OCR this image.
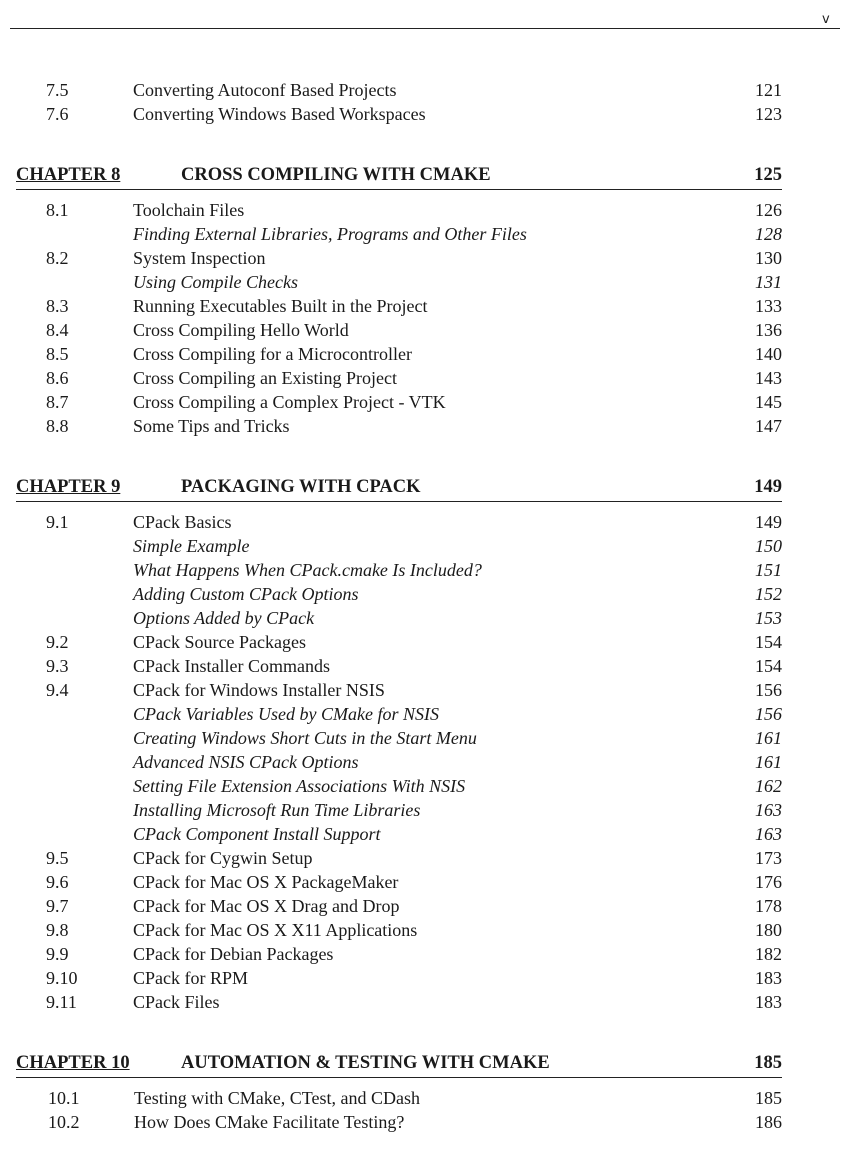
v
7.5	Converting Autoconf Based Projects	121
7.6	Converting Windows Based Workspaces	123
CHAPTER 8	CROSS COMPILING WITH CMAKE	125
8.1	Toolchain Files	126
Finding External Libraries, Programs and Other Files	128
8.2	System Inspection	130
Using Compile Checks	131
8.3	Running Executables Built in the Project	133
8.4	Cross Compiling Hello World	136
8.5	Cross Compiling for a Microcontroller	140
8.6	Cross Compiling an Existing Project	143
8.7	Cross Compiling a Complex Project - VTK	145
8.8	Some Tips and Tricks	147
CHAPTER 9	PACKAGING WITH CPACK	149
9.1	CPack Basics	149
Simple Example	150
What Happens When CPack.cmake Is Included?	151
Adding Custom CPack Options	152
Options Added by CPack	153
9.2	CPack Source Packages	154
9.3	CPack Installer Commands	154
9.4	CPack for Windows Installer NSIS	156
CPack Variables Used by CMake for NSIS	156
Creating Windows Short Cuts in the Start Menu	161
Advanced NSIS CPack Options	161
Setting File Extension Associations With NSIS	162
Installing Microsoft Run Time Libraries	163
CPack Component Install Support	163
9.5	CPack for Cygwin Setup	173
9.6	CPack for Mac OS X PackageMaker	176
9.7	CPack for Mac OS X Drag and Drop	178
9.8	CPack for Mac OS X X11 Applications	180
9.9	CPack for Debian Packages	182
9.10	CPack for RPM	183
9.11	CPack Files	183
CHAPTER 10	AUTOMATION & TESTING WITH CMAKE	185
10.1	Testing with CMake, CTest, and CDash	185
10.2	How Does CMake Facilitate Testing?	186
